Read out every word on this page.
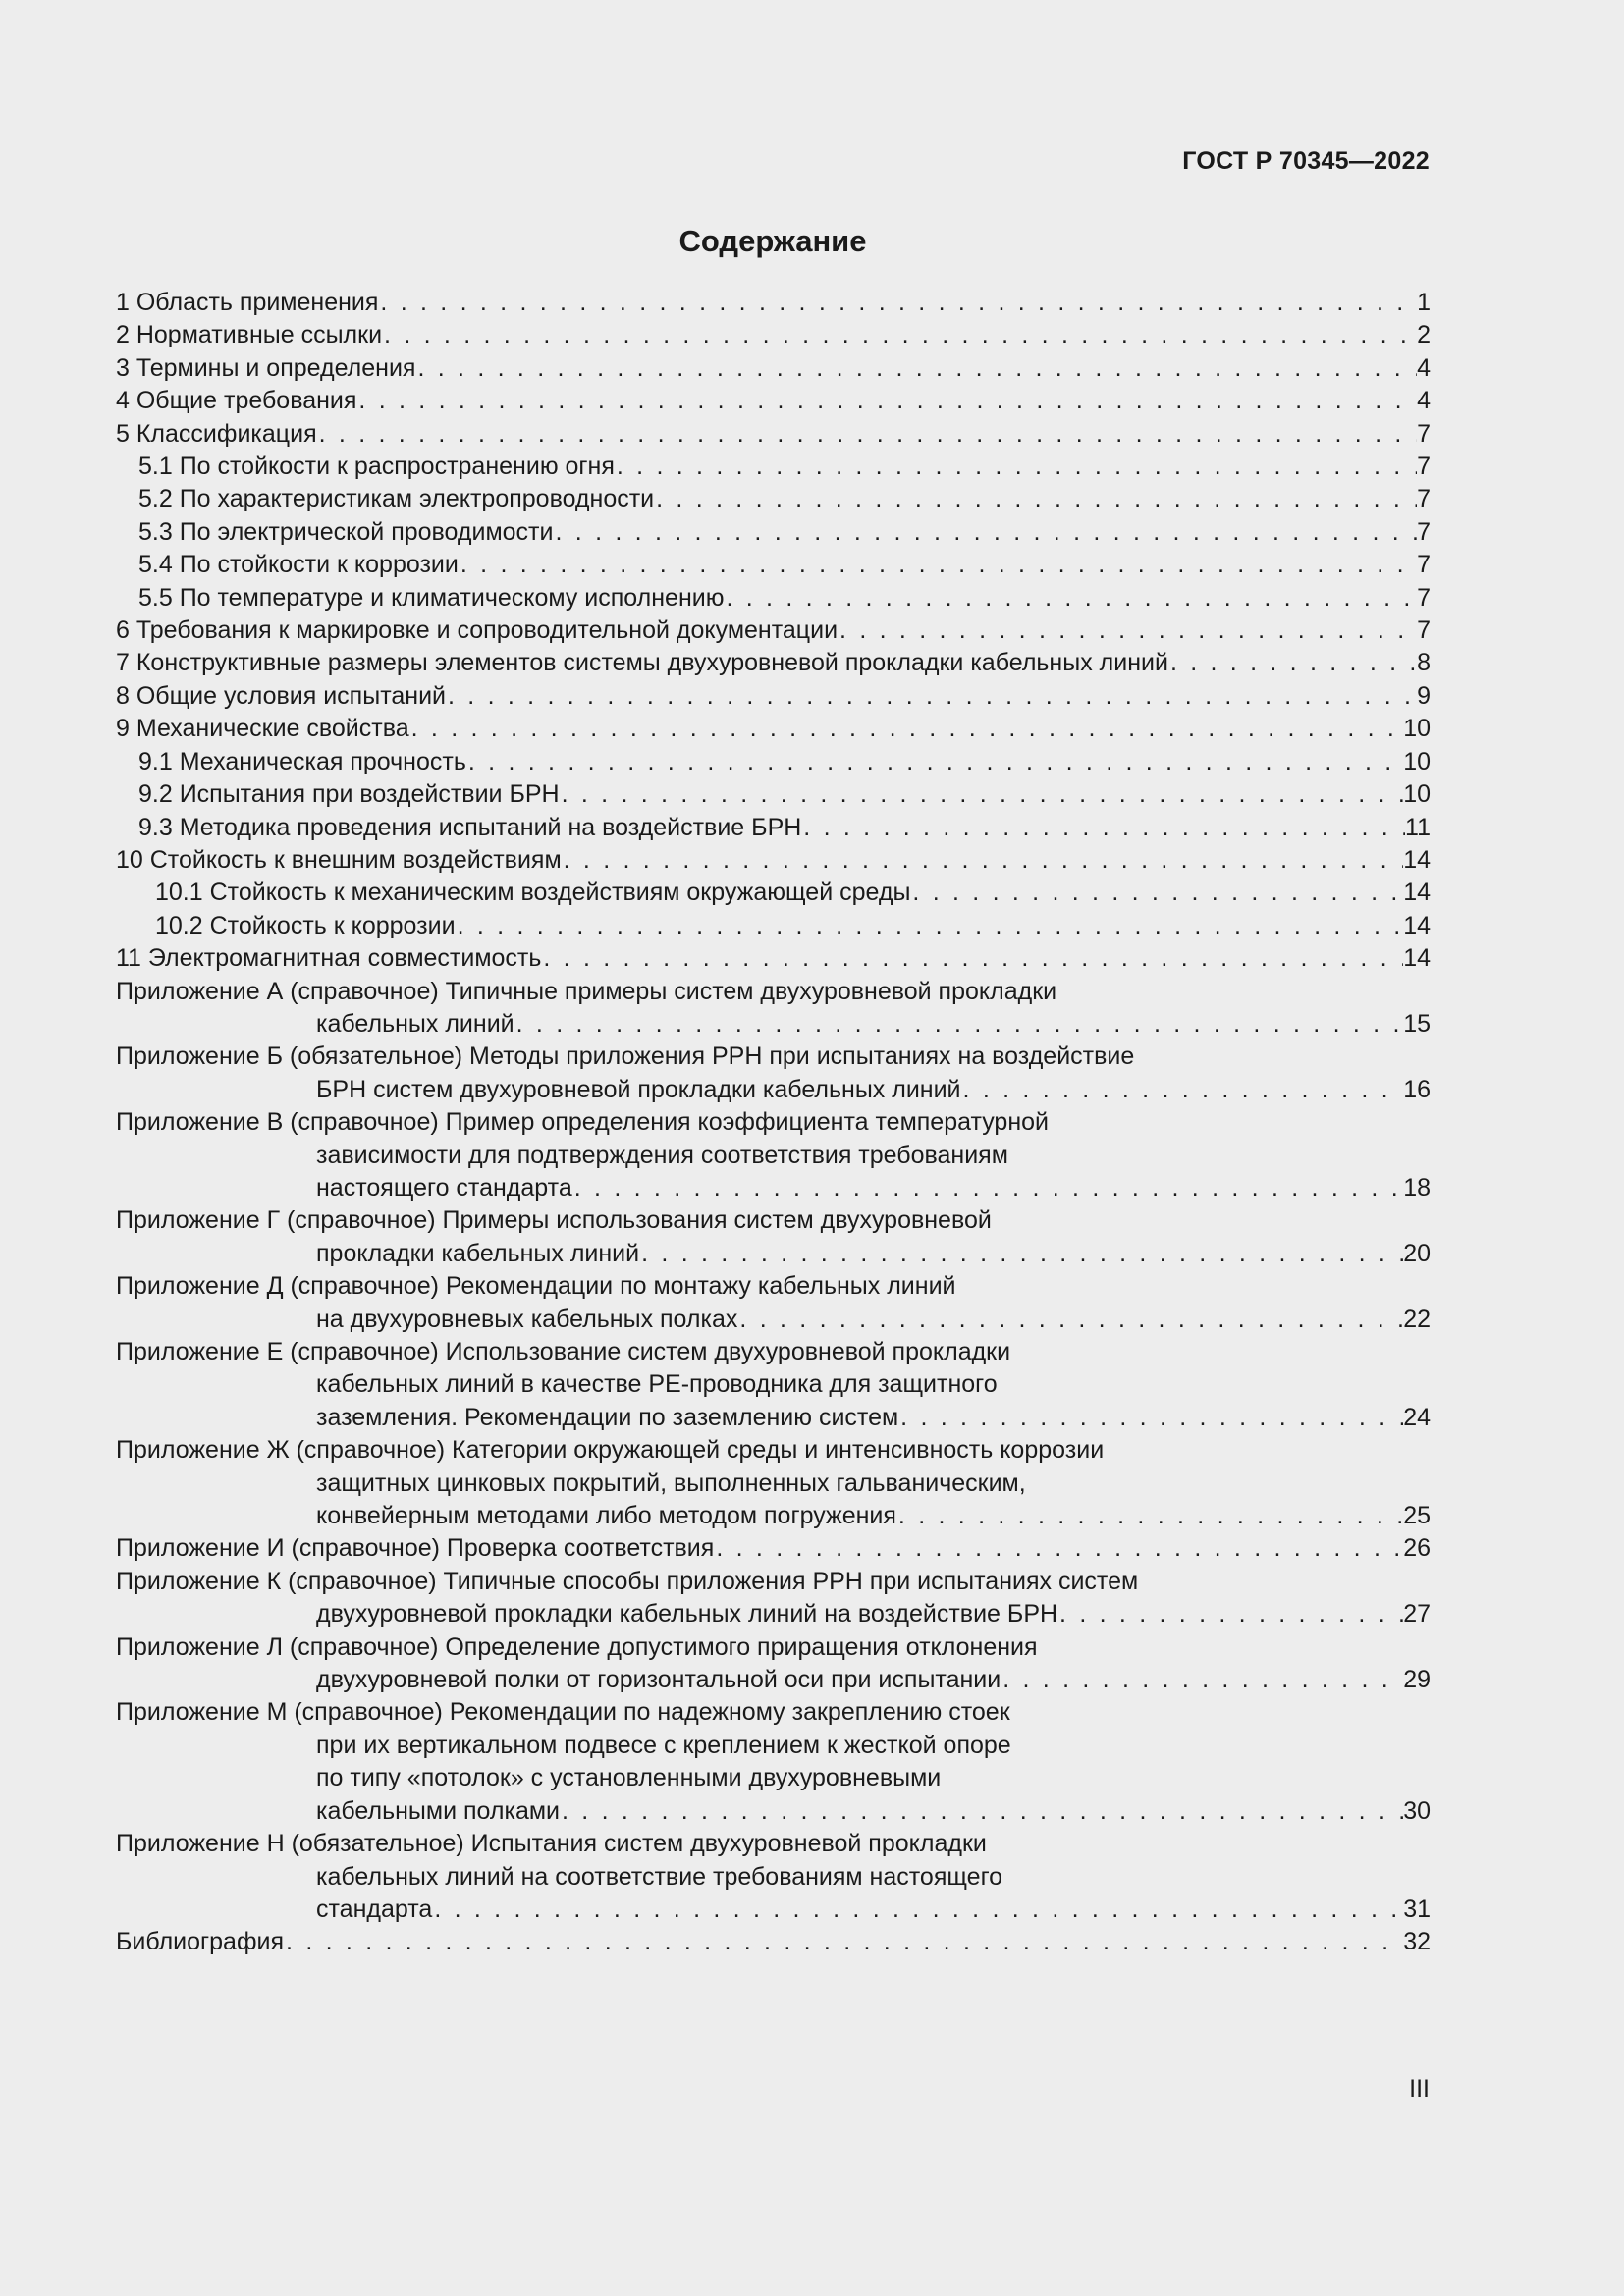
ГОСТ Р 70345—2022
Содержание
1 Область применения . . .	1
2 Нормативные ссылки . . .	2
3 Термины и определения . . .	4
4 Общие требования . . .	4
5 Классификация . . .	7
5.1 По стойкости к распространению огня . . .	7
5.2 По характеристикам электропроводности . . .	7
5.3 По электрической проводимости . . .	7
5.4 По стойкости к коррозии . . .	7
5.5 По температуре и климатическому исполнению . . .	7
6 Требования к маркировке и сопроводительной документации . . .	7
7 Конструктивные размеры элементов системы двухуровневой прокладки кабельных линий . . .	8
8 Общие условия испытаний . . .	9
9 Механические свойства . . .	10
9.1 Механическая прочность . . .	10
9.2 Испытания при воздействии БРН . . .	10
9.3 Методика проведения испытаний на воздействие БРН . . .	11
10 Стойкость к внешним воздействиям . . .	14
10.1 Стойкость к механическим воздействиям окружающей среды . . .	14
10.2 Стойкость к коррозии . . .	14
11 Электромагнитная совместимость . . .	14
Приложение А (справочное) Типичные примеры систем двухуровневой прокладки
кабельных линий . . .	15
Приложение Б (обязательное) Методы приложения РРН при испытаниях на воздействие
БРН систем двухуровневой прокладки кабельных линий . . .	16
Приложение В (справочное) Пример определения коэффициента температурной
зависимости для подтверждения соответствия требованиям
настоящего стандарта . . .	18
Приложение Г (справочное) Примеры использования систем двухуровневой
прокладки кабельных линий . . .	20
Приложение Д (справочное) Рекомендации по монтажу кабельных линий
на двухуровневых кабельных полках . . .	22
Приложение Е (справочное) Использование систем двухуровневой прокладки
кабельных линий в качестве PE-проводника для защитного
заземления. Рекомендации по заземлению систем . . .	24
Приложение Ж (справочное) Категории окружающей среды и интенсивность коррозии
защитных цинковых покрытий, выполненных гальваническим,
конвейерным методами либо методом погружения . . .	25
Приложение И (справочное) Проверка соответствия . . .	26
Приложение К (справочное) Типичные способы приложения РРН при испытаниях систем
двухуровневой прокладки кабельных линий на воздействие БРН . . .	27
Приложение Л (справочное) Определение допустимого приращения отклонения
двухуровневой полки от горизонтальной оси при испытании . . .	29
Приложение М (справочное) Рекомендации по надежному закреплению стоек
при их вертикальном подвесе с креплением к жесткой опоре
по типу «потолок» с установленными двухуровневыми
кабельными полками . . .	30
Приложение Н (обязательное) Испытания систем двухуровневой прокладки
кабельных линий на соответствие требованиям настоящего
стандарта . . .	31
Библиография . . .	32
III
